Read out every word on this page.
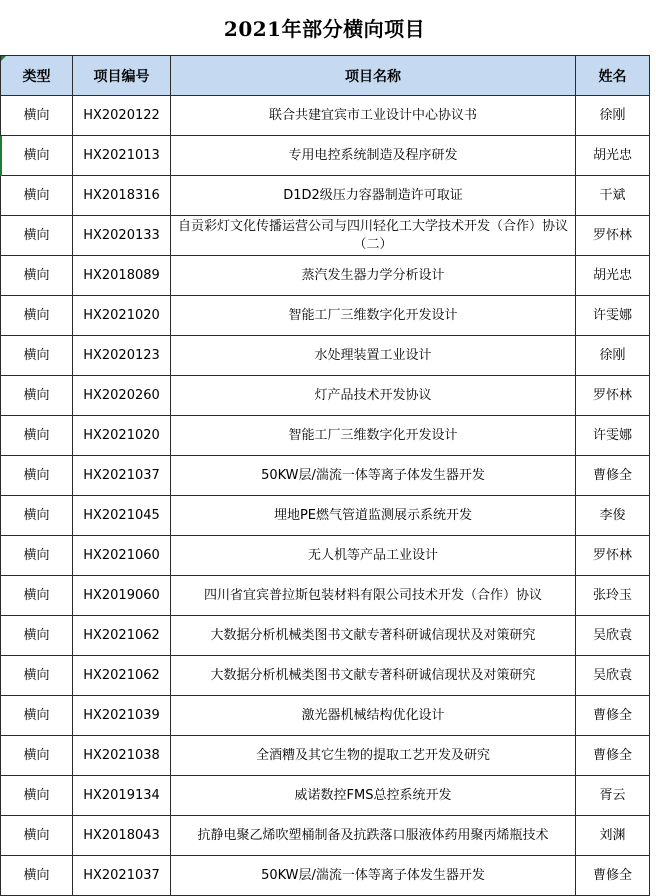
2021年部分横向项目
类型	项目编号	项目名称	姓名
横向	HX2020122	联合共建宜宾市工业设计中心协议书	徐刚
横向	HX2021013	专用电控系统制造及程序研发	胡光忠
横向	HX2018316	D1D2级压力容器制造许可取证	干斌
横向	HX2020133	自贡彩灯文化传播运营公司与四川轻化工大学技术开发（合作）协议（二）	罗怀林
横向	HX2018089	蒸汽发生器力学分析设计	胡光忠
横向	HX2021020	智能工厂三维数字化开发设计	许雯娜
横向	HX2020123	水处理装置工业设计	徐刚
横向	HX2020260	灯产品技术开发协议	罗怀林
横向	HX2021020	智能工厂三维数字化开发设计	许雯娜
横向	HX2021037	50KW层/湍流一体等离子体发生器开发	曹修全
横向	HX2021045	埋地PE燃气管道监测展示系统开发	李俊
横向	HX2021060	无人机等产品工业设计	罗怀林
横向	HX2019060	四川省宜宾普拉斯包装材料有限公司技术开发（合作）协议	张玲玉
横向	HX2021062	大数据分析机械类图书文献专著科研诚信现状及对策研究	吴欣袁
横向	HX2021062	大数据分析机械类图书文献专著科研诚信现状及对策研究	吴欣袁
横向	HX2021039	激光器机械结构优化设计	曹修全
横向	HX2021038	全酒糟及其它生物的提取工艺开发及研究	曹修全
横向	HX2019134	威诺数控FMS总控系统开发	胥云
横向	HX2018043	抗静电聚乙烯吹塑桶制备及抗跌落口服液体药用聚丙烯瓶技术	刘渊
横向	HX2021037	50KW层/湍流一体等离子体发生器开发	曹修全
